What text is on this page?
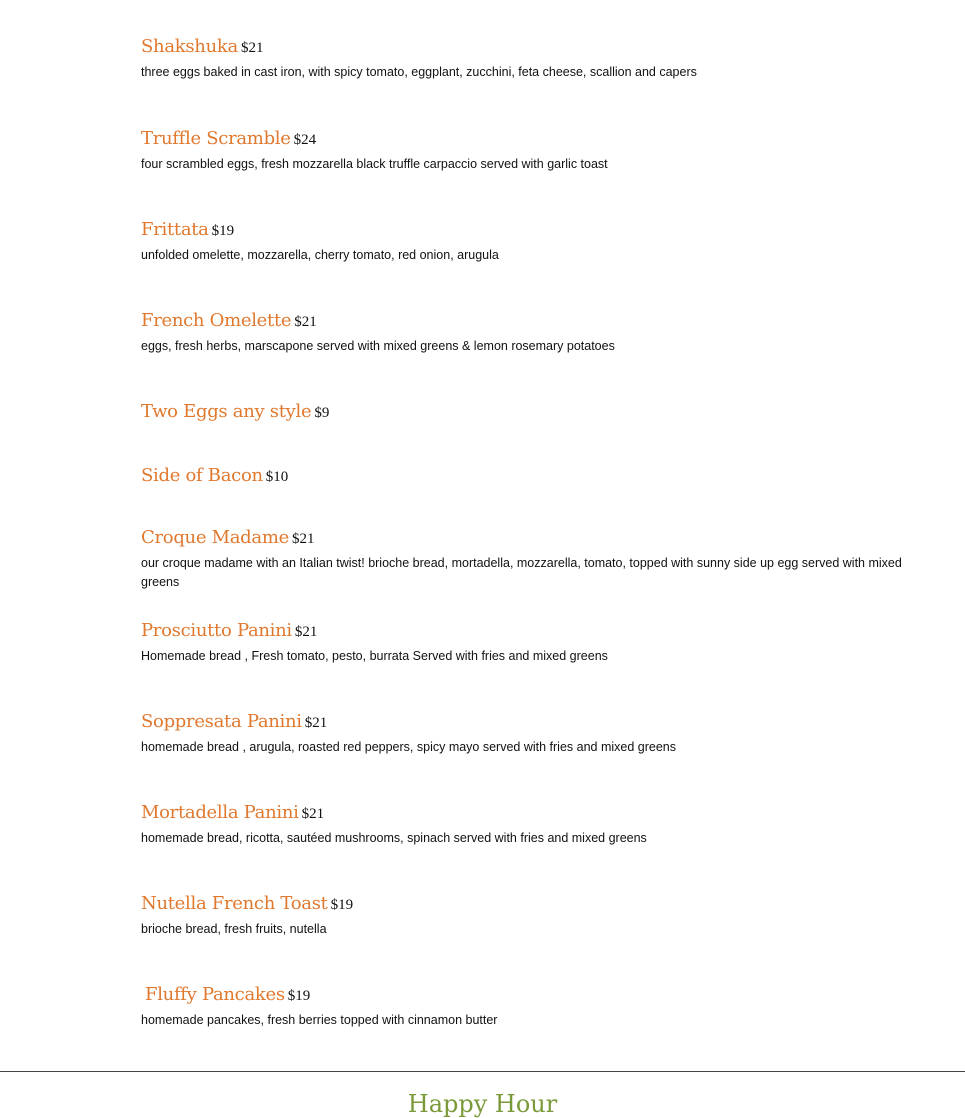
Shakshuka $21
three eggs baked in cast iron, with spicy tomato, eggplant, zucchini, feta cheese, scallion and capers
Truffle Scramble $24
four scrambled eggs, fresh mozzarella black truffle carpaccio served with garlic toast
Frittata $19
unfolded omelette, mozzarella, cherry tomato, red onion, arugula
French Omelette $21
eggs, fresh herbs, marscapone served with mixed greens & lemon rosemary potatoes
Two Eggs any style $9
Side of Bacon $10
Croque Madame $21
our croque madame with an Italian twist! brioche bread, mortadella, mozzarella, tomato, topped with sunny side up egg served with mixed greens
Prosciutto Panini $21
Homemade bread , Fresh tomato, pesto, burrata Served with fries and mixed greens
Soppresata Panini $21
homemade bread , arugula, roasted red peppers, spicy mayo served with fries and mixed greens
Mortadella Panini $21
homemade bread, ricotta, sautéed mushrooms, spinach served with fries and mixed greens
Nutella French Toast $19
brioche bread, fresh fruits, nutella
Fluffy Pancakes $19
homemade pancakes, fresh berries topped with cinnamon butter
Happy Hour
